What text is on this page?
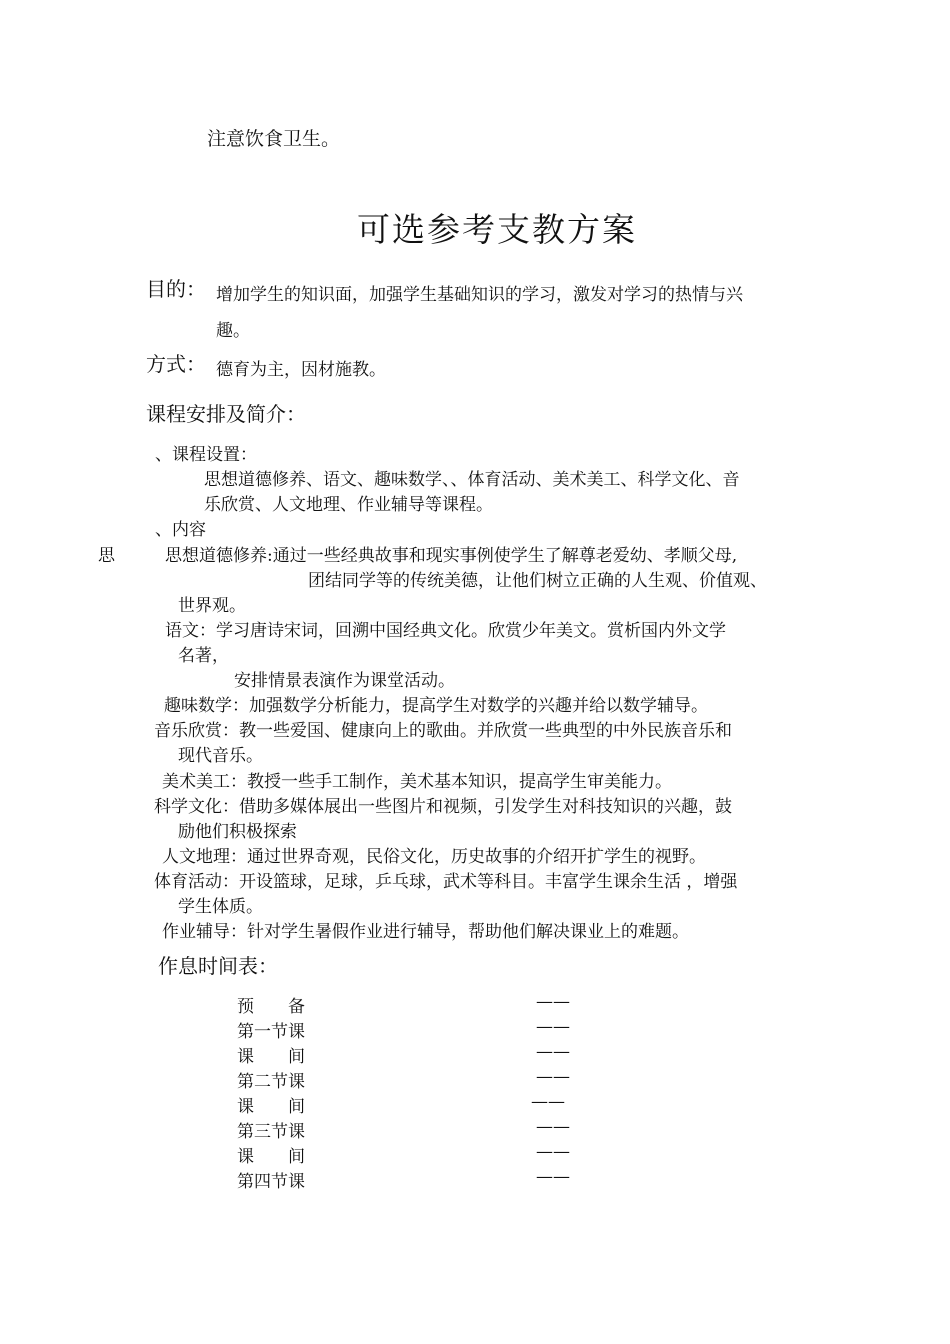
注意饮食卫生。
可选参考支教方案
目的： 增加学生的知识面，加强学生基础知识的学习，激发对学习的热情与兴
趣。
方式： 德育为主，因材施教。
课程安排及简介：
、课程设置：
思想道德修养、语文、趣味数学、、体育活动、美术美工、科学文化、音
乐欣赏、人文地理、作业辅导等课程。
、内容
思	思想道德修养:通过一些经典故事和现实事例使学生了解尊老爱幼、孝顺父母,
团结同学等的传统美德，让他们树立正确的人生观、价值观、
世界观。
语文：学习唐诗宋词，回溯中国经典文化。欣赏少年美文。赏析国内外文学
名著，
安排情景表演作为课堂活动。
趣味数学：加强数学分析能力，提高学生对数学的兴趣并给以数学辅导。
音乐欣赏：教一些爱国、健康向上的歌曲。并欣赏一些典型的中外民族音乐和
现代音乐。
美术美工：教授一些手工制作，美术基本知识，提高学生审美能力。
科学文化：借助多媒体展出一些图片和视频，引发学生对科技知识的兴趣，鼓
励他们积极探索
人文地理：通过世界奇观，民俗文化，历史故事的介绍开扩学生的视野。
体育活动：开设篮球，足球，乒乓球，武术等科目。丰富学生课余生活 ，增强
学生体质。
作业辅导：针对学生暑假作业进行辅导，帮助他们解决课业上的难题。
作息时间表：
预　　备	——
第一节课	——
课　　间	——
第二节课	——
课　　间	——
第三节课	——
课　　间	——
第四节课	——
